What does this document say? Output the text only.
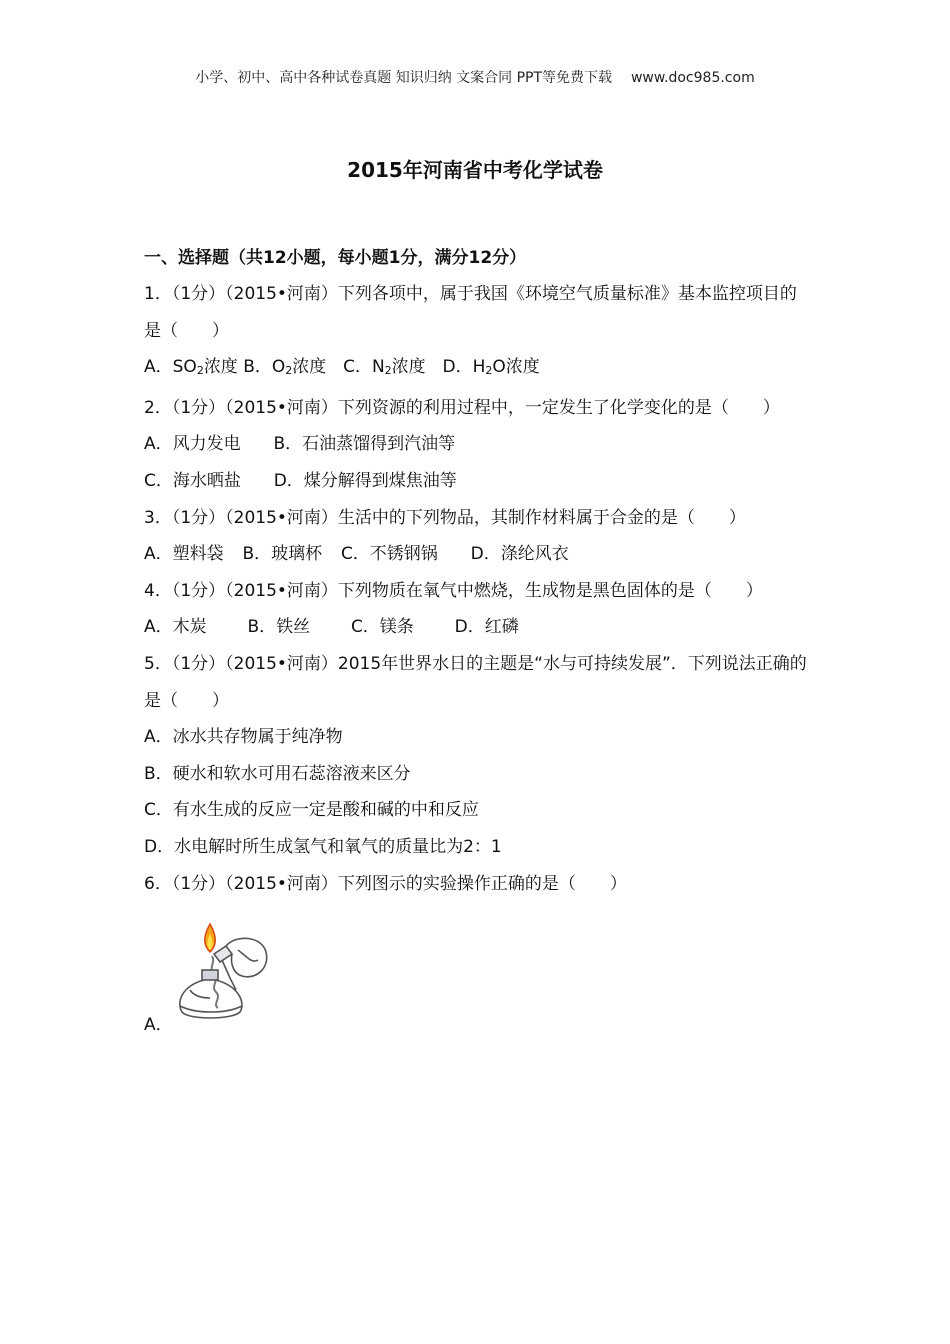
小学、初中、高中各种试卷真题 知识归纳 文案合同 PPT等免费下载 www.doc985.com
2015年河南省中考化学试卷
一、选择题（共12小题，每小题1分，满分12分）
1．（1分）（2015•河南）下列各项中，属于我国《环境空气质量标准》基本监控项目的是（　　）
A．$SO_2$浓度 B．$O_2$浓度 C．$N_2$浓度 D．$H_2O$浓度
2．（1分）（2015•河南）下列资源的利用过程中，一定发生了化学变化的是（　　）
A．风力发电 B．石油蒸馏得到汽油等
C．海水晒盐 D．煤分解得到煤焦油等
3．（1分）（2015•河南）生活中的下列物品，其制作材料属于合金的是（　　）
A．塑料袋 B．玻璃杯 C．不锈钢锅 D．涤纶风衣
4．（1分）（2015•河南）下列物质在氧气中燃烧，生成物是黑色固体的是（　　）
A．木炭 B．铁丝 C．镁条 D．红磷
5．（1分）（2015•河南）2015年世界水日的主题是“水与可持续发展”．下列说法正确的是（　　）
A．冰水共存物属于纯净物
B．硬水和软水可用石蕊溶液来区分
C．有水生成的反应一定是酸和碱的中和反应
D．水电解时所生成氢气和氧气的质量比为2：1
6．（1分）（2015•河南）下列图示的实验操作正确的是（　　）
A．
